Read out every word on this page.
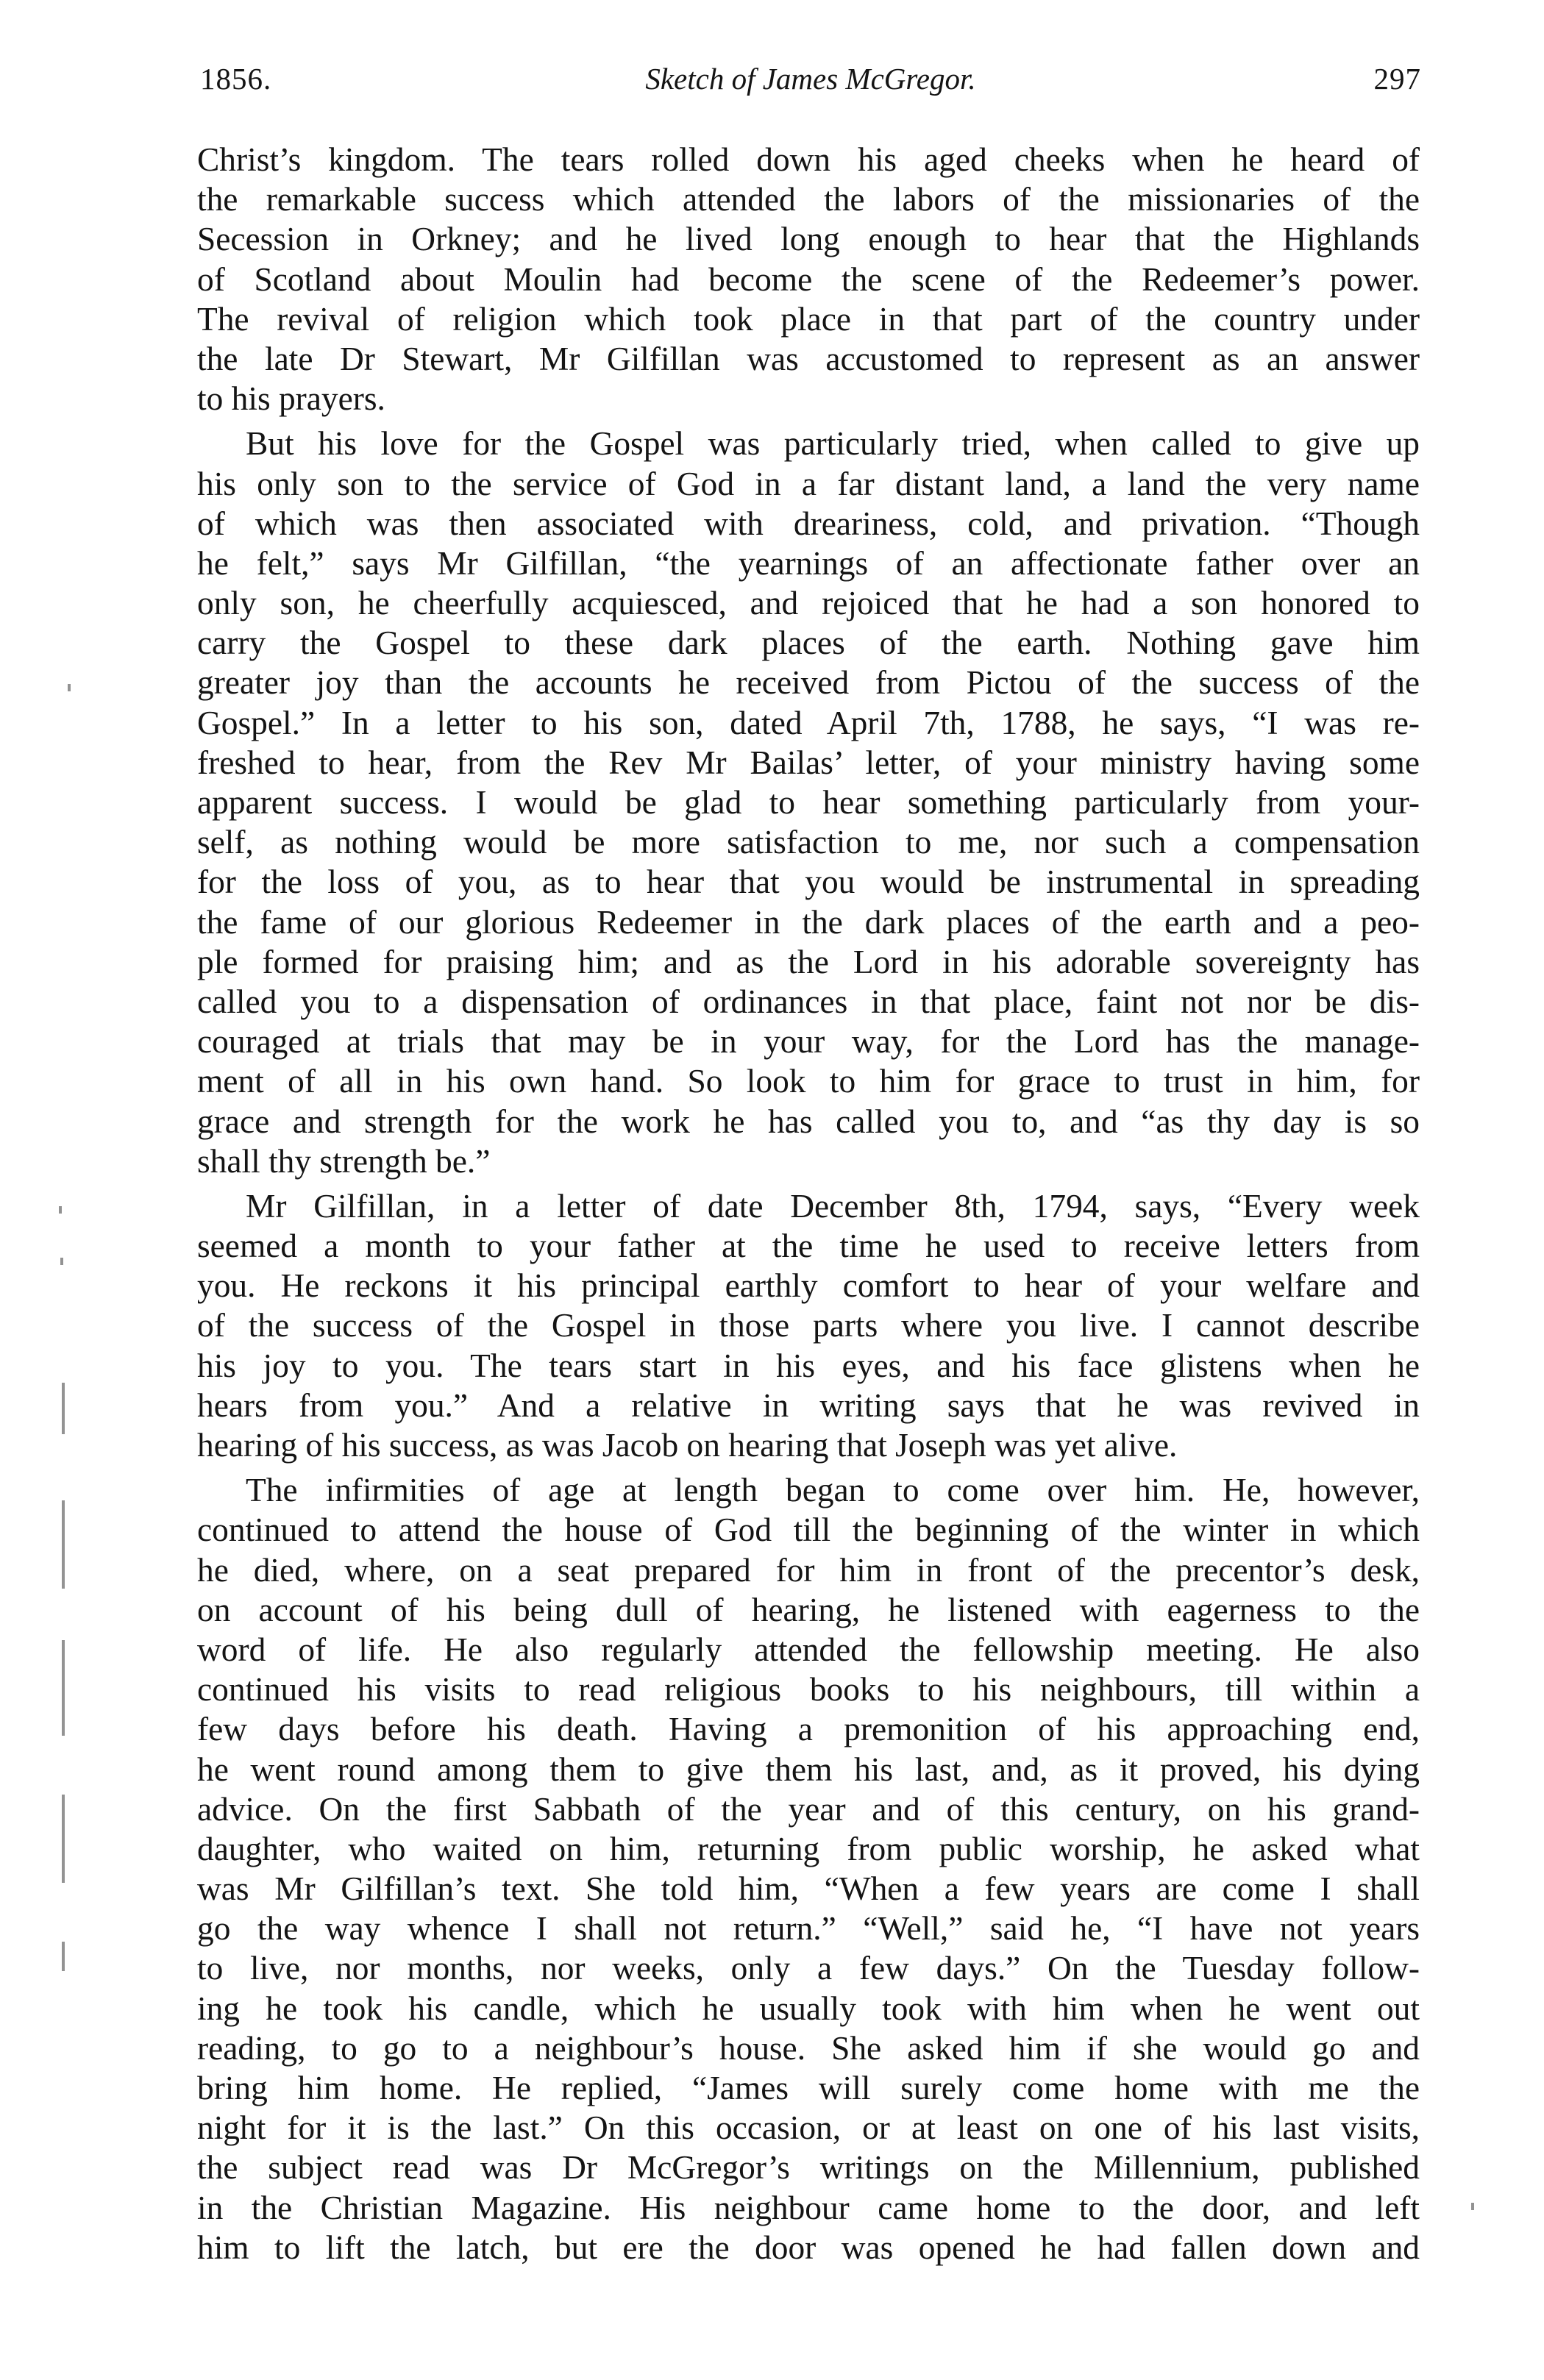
1856.	Sketch of James McGregor.	297
Christ’s kingdom. The tears rolled down his aged cheeks when he heard of
the remarkable success which attended the labors of the missionaries of the
Secession in Orkney; and he lived long enough to hear that the Highlands
of Scotland about Moulin had become the scene of the Redeemer’s power.
The revival of religion which took place in that part of the country under
the late Dr Stewart, Mr Gilfillan was accustomed to represent as an answer
to his prayers.
But his love for the Gospel was particularly tried, when called to give up
his only son to the service of God in a far distant land, a land the very name
of which was then associated with dreariness, cold, and privation. “Though
he felt,” says Mr Gilfillan, “the yearnings of an affectionate father over an
only son, he cheerfully acquiesced, and rejoiced that he had a son honored to
carry the Gospel to these dark places of the earth. Nothing gave him
greater joy than the accounts he received from Pictou of the success of the
Gospel.” In a letter to his son, dated April 7th, 1788, he says, “I was re-
freshed to hear, from the Rev Mr Bailas’ letter, of your ministry having some
apparent success. I would be glad to hear something particularly from your-
self, as nothing would be more satisfaction to me, nor such a compensation
for the loss of you, as to hear that you would be instrumental in spreading
the fame of our glorious Redeemer in the dark places of the earth and a peo-
ple formed for praising him; and as the Lord in his adorable sovereignty has
called you to a dispensation of ordinances in that place, faint not nor be dis-
couraged at trials that may be in your way, for the Lord has the manage-
ment of all in his own hand. So look to him for grace to trust in him, for
grace and strength for the work he has called you to, and “as thy day is so
shall thy strength be.”
Mr Gilfillan, in a letter of date December 8th, 1794, says, “Every week
seemed a month to your father at the time he used to receive letters from
you. He reckons it his principal earthly comfort to hear of your welfare and
of the success of the Gospel in those parts where you live. I cannot describe
his joy to you. The tears start in his eyes, and his face glistens when he
hears from you.” And a relative in writing says that he was revived in
hearing of his success, as was Jacob on hearing that Joseph was yet alive.
The infirmities of age at length began to come over him. He, however,
continued to attend the house of God till the beginning of the winter in which
he died, where, on a seat prepared for him in front of the precentor’s desk,
on account of his being dull of hearing, he listened with eagerness to the
word of life. He also regularly attended the fellowship meeting. He also
continued his visits to read religious books to his neighbours, till within a
few days before his death. Having a premonition of his approaching end,
he went round among them to give them his last, and, as it proved, his dying
advice. On the first Sabbath of the year and of this century, on his grand-
daughter, who waited on him, returning from public worship, he asked what
was Mr Gilfillan’s text. She told him, “When a few years are come I shall
go the way whence I shall not return.” “Well,” said he, “I have not years
to live, nor months, nor weeks, only a few days.” On the Tuesday follow-
ing he took his candle, which he usually took with him when he went out
reading, to go to a neighbour’s house. She asked him if she would go and
bring him home. He replied, “James will surely come home with me the
night for it is the last.” On this occasion, or at least on one of his last visits,
the subject read was Dr McGregor’s writings on the Millennium, published
in the Christian Magazine. His neighbour came home to the door, and left
him to lift the latch, but ere the door was opened he had fallen down and
